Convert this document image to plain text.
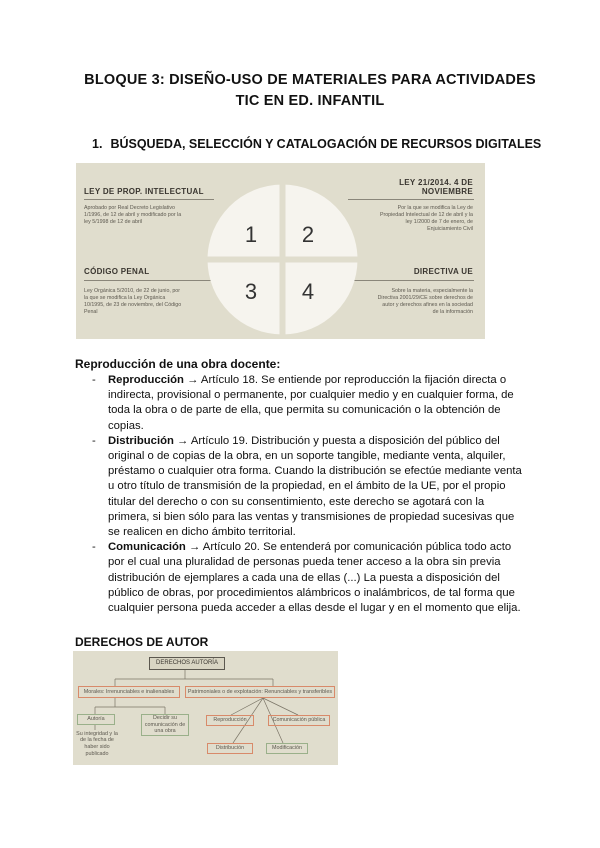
BLOQUE 3: DISEÑO-USO DE MATERIALES PARA ACTIVIDADES
TIC EN ED. INFANTIL
1. BÚSQUEDA, SELECCIÓN Y CATALOGACIÓN DE RECURSOS DIGITALES
LEY DE PROP. INTELECTUAL
Aprobado por Real Decreto Legislativo
1/1996, de 12 de abril y modificado por la
ley 5/1998 de 12 de abril
LEY 21/2014. 4 DE
NOVIEMBRE
Por la que se modifica la Ley de
Propiedad Intelectual de 12 de abril y la
ley 1/2000 de 7 de enero, de
Enjuiciamiento Civil
CÓDIGO PENAL
Ley Orgánica 5/2010, de 22 de junio, por
la que se modifica la Ley Orgánica
10/1995, de 23 de noviembre, del Código
Penal
DIRECTIVA UE
Sobre la materia, especialmente la
Directiva 2001/29/CE sobre derechos de
autor y derechos afines en la sociedad
de la información
1 2
3 4
Reproducción de una obra docente:
- Reproducción → Artículo 18. Se entiende por reproducción la fijación directa o indirecta, provisional o permanente, por cualquier medio y en cualquier forma, de toda la obra o de parte de ella, que permita su comunicación o la obtención de copias.
- Distribución → Artículo 19. Distribución y puesta a disposición del público del original o de copias de la obra, en un soporte tangible, mediante venta, alquiler, préstamo o cualquier otra forma. Cuando la distribución se efectúe mediante venta u otro título de transmisión de la propiedad, en el ámbito de la UE, por el propio titular del derecho o con su consentimiento, este derecho se agotará con la primera, si bien sólo para las ventas y transmisiones de propiedad sucesivas que se realicen en dicho ámbito territorial.
- Comunicación → Artículo 20. Se entenderá por comunicación pública todo acto por el cual una pluralidad de personas pueda tener acceso a la obra sin previa distribución de ejemplares a cada una de ellas (...) La puesta a disposición del público de obras, por procedimientos alámbricos o inalámbricos, de tal forma que cualquier persona pueda acceder a ellas desde el lugar y en el momento que elija.
DERECHOS DE AUTOR
DERECHOS AUTORÍA
Morales: Irrenunciables e inalienables	Patrimoniales o de explotación: Renunciables y transferibles
Autoría	Decidir su comunicación de una obra
Su integridad y la de la fecha de haber sido publicado
Reproducción	Comunicación pública
Distribución	Modificación
